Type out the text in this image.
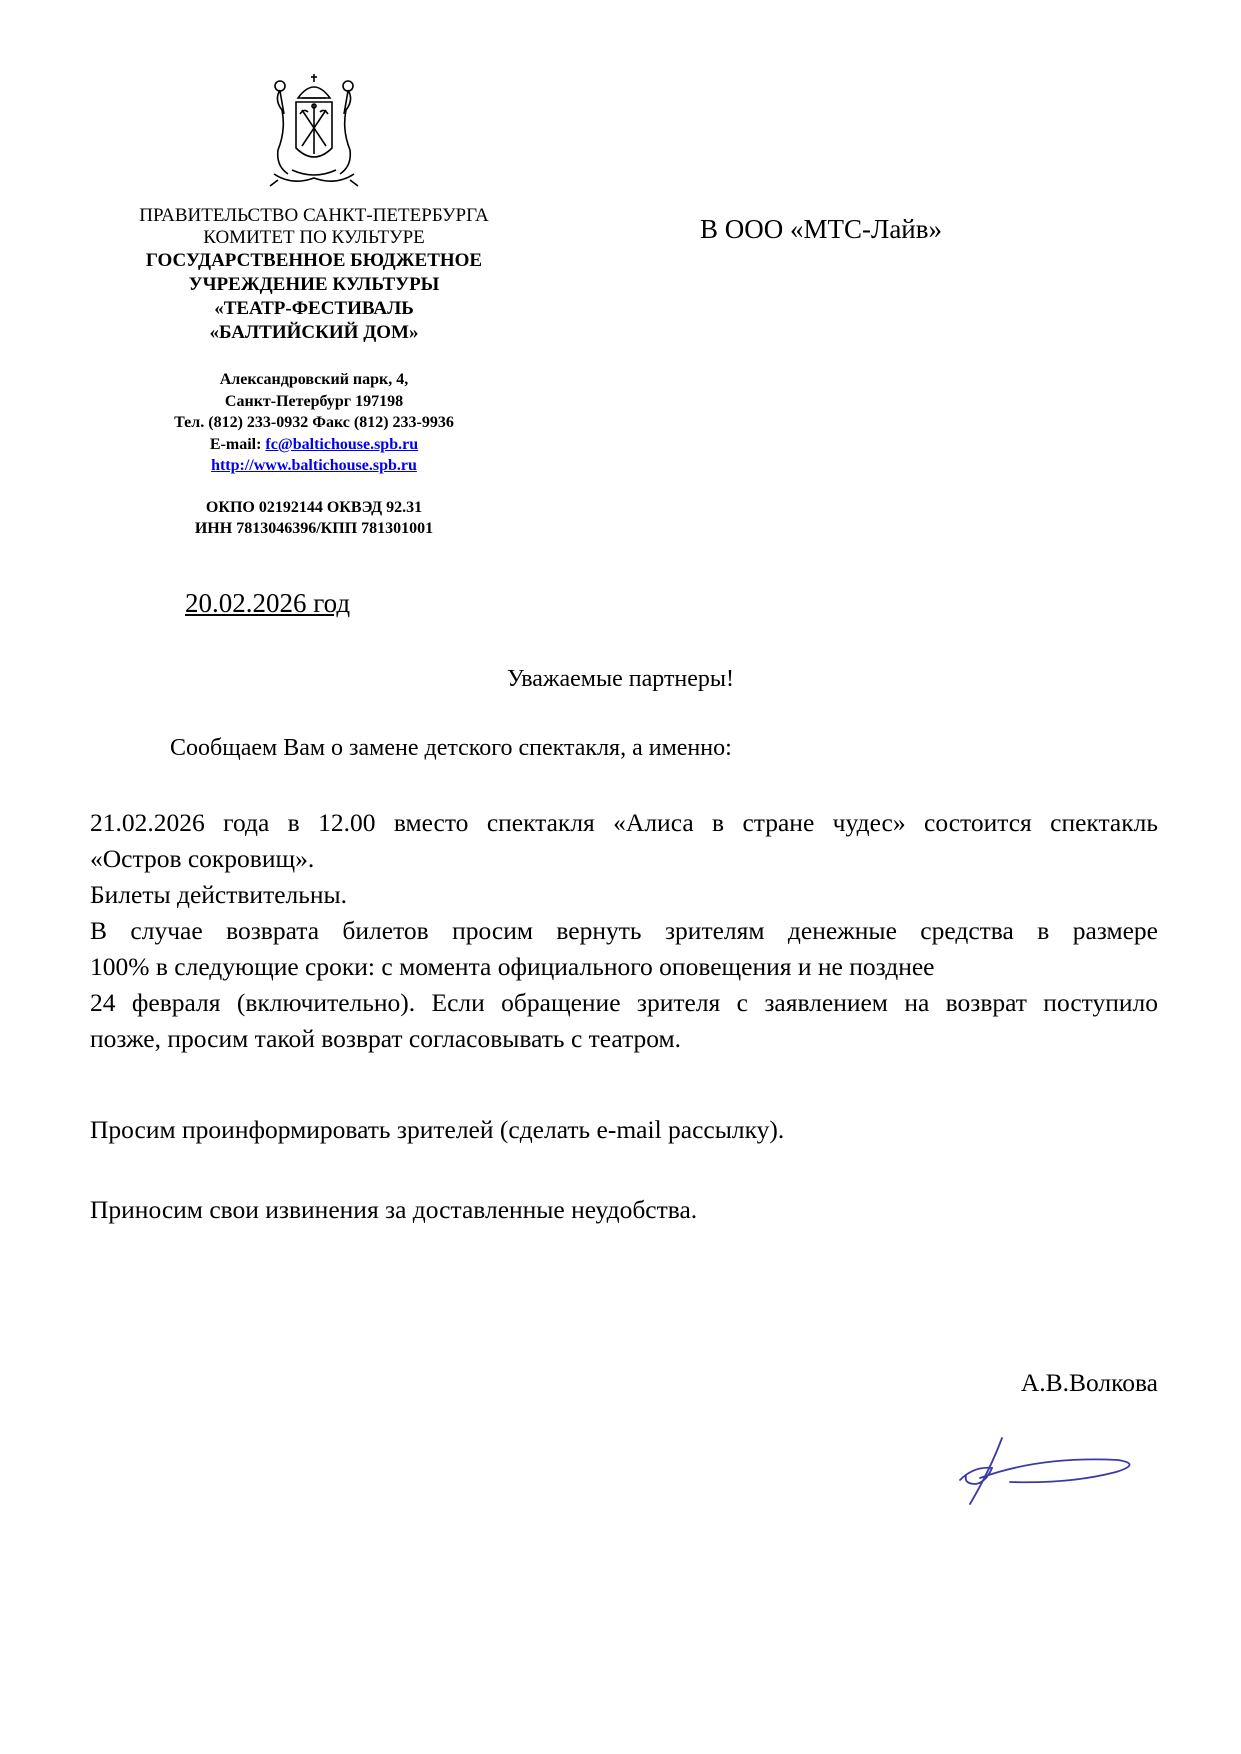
ПРАВИТЕЛЬСТВО САНКТ-ПЕТЕРБУРГА
КОМИТЕТ ПО КУЛЬТУРЕ
ГОСУДАРСТВЕННОЕ БЮДЖЕТНОЕ
УЧРЕЖДЕНИЕ КУЛЬТУРЫ
«ТЕАТР-ФЕСТИВАЛЬ
«БАЛТИЙСКИЙ ДОМ»
Александровский парк, 4,
Санкт-Петербург 197198
Тел. (812) 233-0932 Факс (812) 233-9936
E-mail: fc@baltichouse.spb.ru
http://www.baltichouse.spb.ru
ОКПО 02192144 ОКВЭД 92.31
ИНН 7813046396/КПП 781301001
В ООО «МТС-Лайв»
20.02.2026 год
Уважаемые партнеры!
Сообщаем Вам о замене детского спектакля, а именно:

21.02.2026 года в 12.00 вместо спектакля «Алиса в стране чудес» состоится спектакль

«Остров сокровищ».

Билеты действительны.

В случае возврата билетов просим вернуть зрителям денежные средства в размере

100% в следующие сроки: с момента официального оповещения и не позднее

24 февраля (включительно). Если обращение зрителя с заявлением на возврат поступило

позже, просим такой возврат согласовывать с театром.

Просим проинформировать зрителей (сделать e-mail рассылку).
Приносим свои извинения за доставленные неудобства.
А.В.Волкова
